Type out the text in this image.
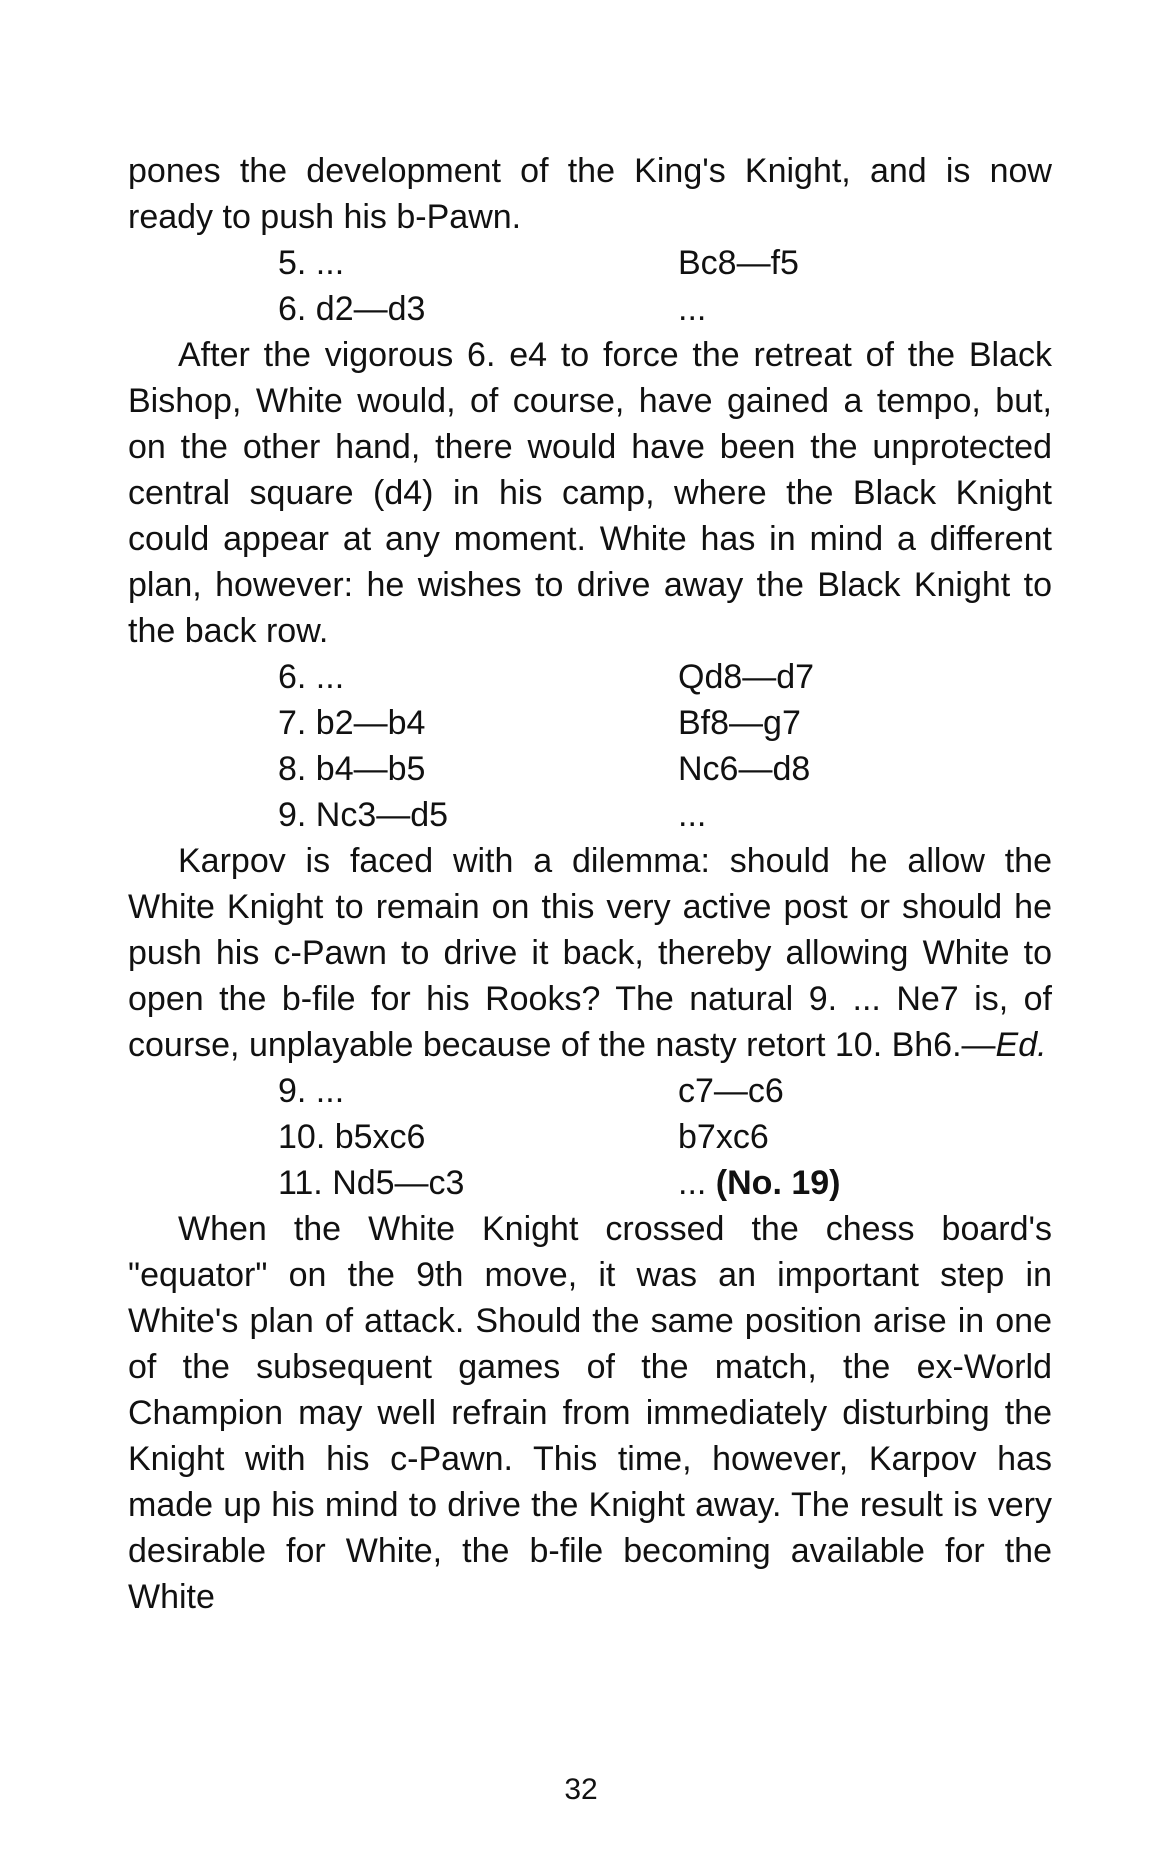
pones the development of the King's Knight, and is now ready to push his b-Pawn.

5. ...	Bc8—f5
6. d2—d3	...

After the vigorous 6. e4 to force the retreat of the Black Bishop, White would, of course, have gained a tempo, but, on the other hand, there would have been the unprotected central square (d4) in his camp, where the Black Knight could appear at any moment. White has in mind a different plan, however: he wishes to drive away the Black Knight to the back row.

6. ...	Qd8—d7
7. b2—b4	Bf8—g7
8. b4—b5	Nc6—d8
9. Nc3—d5	...

Karpov is faced with a dilemma: should he allow the White Knight to remain on this very active post or should he push his c-Pawn to drive it back, thereby allowing White to open the b-file for his Rooks? The natural 9. ... Ne7 is, of course, unplayable because of the nasty retort 10. Bh6.—Ed.

9. ...	c7—c6
10. b5xc6	b7xc6
11. Nd5—c3	... (No. 19)

When the White Knight crossed the chess board's "equator" on the 9th move, it was an important step in White's plan of attack. Should the same position arise in one of the subsequent games of the match, the ex-World Champion may well refrain from immediately disturbing the Knight with his c-Pawn. This time, however, Karpov has made up his mind to drive the Knight away. The result is very desirable for White, the b-file becoming available for the White

32
